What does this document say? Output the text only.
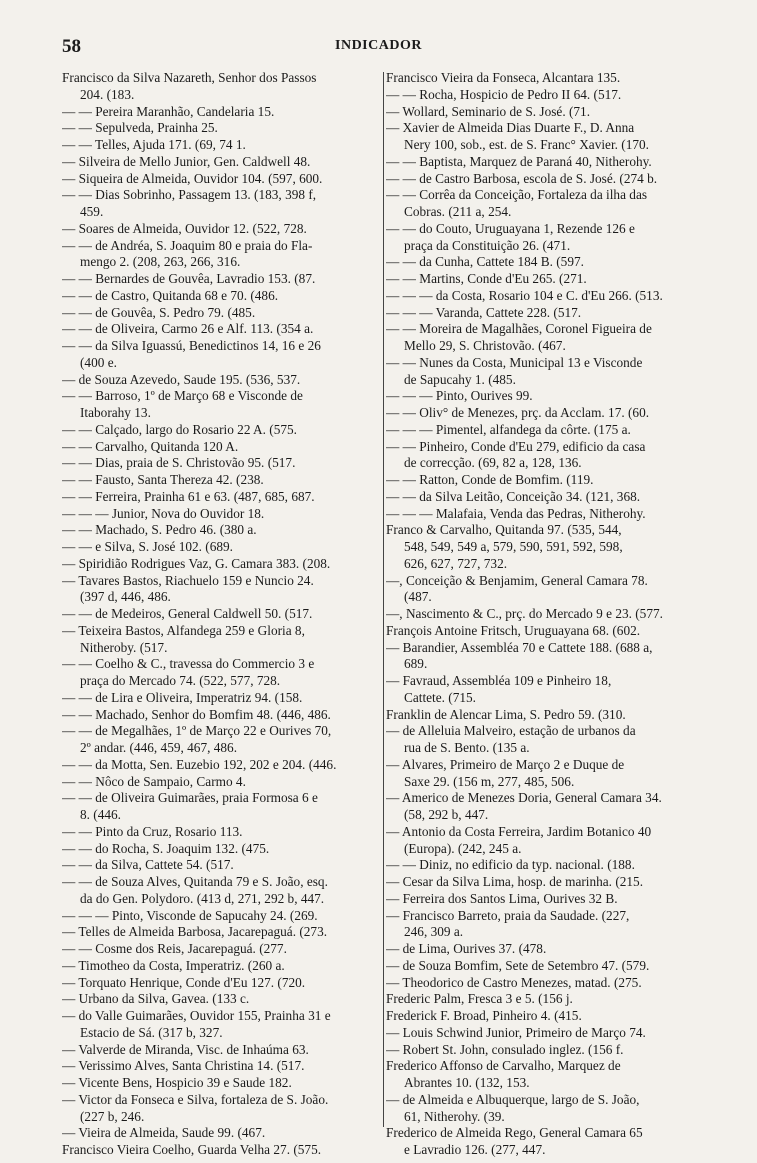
58	INDICADOR
Francisco da Silva Nazareth, Senhor dos Passos
204. (183.
— — Pereira Maranhão, Candelaria 15.
— — Sepulveda, Prainha 25.
— — Telles, Ajuda 171. (69, 74 1.
— Silveira de Mello Junior, Gen. Caldwell 48.
— Siqueira de Almeida, Ouvidor 104. (597, 600.
— — Dias Sobrinho, Passagem 13. (183, 398 f,
459.
— Soares de Almeida, Ouvidor 12. (522, 728.
— — de Andréa, S. Joaquim 80 e praia do Fla-
mengo 2. (208, 263, 266, 316.
— — Bernardes de Gouvêa, Lavradio 153. (87.
— — de Castro, Quitanda 68 e 70. (486.
— — de Gouvêa, S. Pedro 79. (485.
— — de Oliveira, Carmo 26 e Alf. 113. (354 a.
— — da Silva Iguassú, Benedictinos 14, 16 e 26
(400 e.
— de Souza Azevedo, Saude 195. (536, 537.
— — Barroso, 1º de Março 68 e Visconde de
Itaborahy 13.
— — Calçado, largo do Rosario 22 A. (575.
— — Carvalho, Quitanda 120 A.
— — Dias, praia de S. Christovão 95. (517.
— — Fausto, Santa Thereza 42. (238.
— — Ferreira, Prainha 61 e 63. (487, 685, 687.
— — — Junior, Nova do Ouvidor 18.
— — Machado, S. Pedro 46. (380 a.
— — e Silva, S. José 102. (689.
— Spiridião Rodrigues Vaz, G. Camara 383. (208.
— Tavares Bastos, Riachuelo 159 e Nuncio 24.
(397 d, 446, 486.
— — de Medeiros, General Caldwell 50. (517.
— Teixeira Bastos, Alfandega 259 e Gloria 8,
Nitheroby. (517.
— — Coelho & C., travessa do Commercio 3 e
praça do Mercado 74. (522, 577, 728.
— — de Lira e Oliveira, Imperatriz 94. (158.
— — Machado, Senhor do Bomfim 48. (446, 486.
— — de Megalhães, 1º de Março 22 e Ourives 70,
2º andar. (446, 459, 467, 486.
— — da Motta, Sen. Euzebio 192, 202 e 204. (446.
— — Nôco de Sampaio, Carmo 4.
— — de Oliveira Guimarães, praia Formosa 6 e
8. (446.
— — Pinto da Cruz, Rosario 113.
— — do Rocha, S. Joaquim 132. (475.
— — da Silva, Cattete 54. (517.
— — de Souza Alves, Quitanda 79 e S. João, esq.
da do Gen. Polydoro. (413 d, 271, 292 b, 447.
— — — Pinto, Visconde de Sapucahy 24. (269.
— Telles de Almeida Barbosa, Jacarepaguá. (273.
— — Cosme dos Reis, Jacarepaguá. (277.
— Timotheo da Costa, Imperatriz. (260 a.
— Torquato Henrique, Conde d'Eu 127. (720.
— Urbano da Silva, Gavea. (133 c.
— do Valle Guimarães, Ouvidor 155, Prainha 31 e
Estacio de Sá. (317 b, 327.
— Valverde de Miranda, Visc. de Inhaúma 63.
— Verissimo Alves, Santa Christina 14. (517.
— Vicente Bens, Hospicio 39 e Saude 182.
— Victor da Fonseca e Silva, fortaleza de S. João.
(227 b, 246.
— Vieira de Almeida, Saude 99. (467.
Francisco Vieira Coelho, Guarda Velha 27. (575.
Francisco Vieira da Fonseca, Alcantara 135.
— — Rocha, Hospicio de Pedro II 64. (517.
— Wollard, Seminario de S. José. (71.
— Xavier de Almeida Dias Duarte F., D. Anna
Nery 100, sob., est. de S. Franc° Xavier. (170.
— — Baptista, Marquez de Paraná 40, Nitherohy.
— — de Castro Barbosa, escola de S. José. (274 b.
— — Corrêa da Conceição, Fortaleza da ilha das
Cobras. (211 a, 254.
— — do Couto, Uruguayana 1, Rezende 126 e
praça da Constituição 26. (471.
— — da Cunha, Cattete 184 B. (597.
— — Martins, Conde d'Eu 265. (271.
— — — da Costa, Rosario 104 e C. d'Eu 266. (513.
— — — Varanda, Cattete 228. (517.
— — Moreira de Magalhães, Coronel Figueira de
Mello 29, S. Christovão. (467.
— — Nunes da Costa, Municipal 13 e Visconde
de Sapucahy 1. (485.
— — — Pinto, Ourives 99.
— — Oliv° de Menezes, prç. da Acclam. 17. (60.
— — — Pimentel, alfandega da côrte. (175 a.
— — Pinheiro, Conde d'Eu 279, edificio da casa
de correcção. (69, 82 a, 128, 136.
— — Ratton, Conde de Bomfim. (119.
— — da Silva Leitão, Conceição 34. (121, 368.
— — — Malafaia, Venda das Pedras, Nitherohy.
Franco & Carvalho, Quitanda 97. (535, 544,
548, 549, 549 a, 579, 590, 591, 592, 598,
626, 627, 727, 732.
—, Conceição & Benjamim, General Camara 78.
(487.
—, Nascimento & C., prç. do Mercado 9 e 23. (577.
François Antoine Fritsch, Uruguayana 68. (602.
— Barandier, Assembléa 70 e Cattete 188. (688 a,
689.
— Favraud, Assembléa 109 e Pinheiro 18,
Cattete. (715.
Franklin de Alencar Lima, S. Pedro 59. (310.
— de Alleluia Malveiro, estação de urbanos da
rua de S. Bento. (135 a.
— Alvares, Primeiro de Março 2 e Duque de
Saxe 29. (156 m, 277, 485, 506.
— Americo de Menezes Doria, General Camara 34.
(58, 292 b, 447.
— Antonio da Costa Ferreira, Jardim Botanico 40
(Europa). (242, 245 a.
— — Diniz, no edificio da typ. nacional. (188.
— Cesar da Silva Lima, hosp. de marinha. (215.
— Ferreira dos Santos Lima, Ourives 32 B.
— Francisco Barreto, praia da Saudade. (227,
246, 309 a.
— de Lima, Ourives 37. (478.
— de Souza Bomfim, Sete de Setembro 47. (579.
— Theodorico de Castro Menezes, matad. (275.
Frederic Palm, Fresca 3 e 5. (156 j.
Frederick F. Broad, Pinheiro 4. (415.
— Louis Schwind Junior, Primeiro de Março 74.
— Robert St. John, consulado inglez. (156 f.
Frederico Affonso de Carvalho, Marquez de
Abrantes 10. (132, 153.
— de Almeida e Albuquerque, largo de S. João,
61, Nitherohy. (39.
Frederico de Almeida Rego, General Camara 65
e Lavradio 126. (277, 447.
